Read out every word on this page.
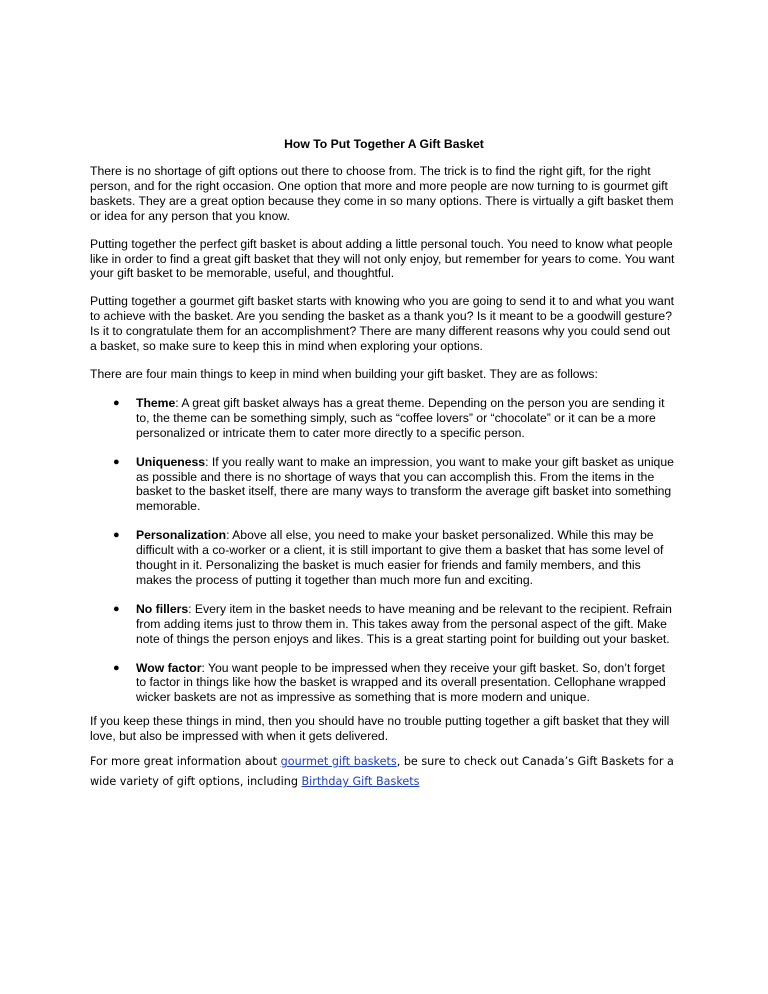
How To Put Together A Gift Basket

There is no shortage of gift options out there to choose from. The trick is to find the right gift, for the right person, and for the right occasion. One option that more and more people are now turning to is gourmet gift baskets. They are a great option because they come in so many options. There is virtually a gift basket them or idea for any person that you know.

Putting together the perfect gift basket is about adding a little personal touch. You need to know what people like in order to find a great gift basket that they will not only enjoy, but remember for years to come. You want your gift basket to be memorable, useful, and thoughtful.

Putting together a gourmet gift basket starts with knowing who you are going to send it to and what you want to achieve with the basket. Are you sending the basket as a thank you? Is it meant to be a goodwill gesture? Is it to congratulate them for an accomplishment? There are many different reasons why you could send out a basket, so make sure to keep this in mind when exploring your options.

There are four main things to keep in mind when building your gift basket. They are as follows:

● Theme: A great gift basket always has a great theme. Depending on the person you are sending it to, the theme can be something simply, such as “coffee lovers” or “chocolate” or it can be a more personalized or intricate them to cater more directly to a specific person.
● Uniqueness: If you really want to make an impression, you want to make your gift basket as unique as possible and there is no shortage of ways that you can accomplish this. From the items in the basket to the basket itself, there are many ways to transform the average gift basket into something memorable.
● Personalization: Above all else, you need to make your basket personalized. While this may be difficult with a co-worker or a client, it is still important to give them a basket that has some level of thought in it. Personalizing the basket is much easier for friends and family members, and this makes the process of putting it together than much more fun and exciting.
● No fillers: Every item in the basket needs to have meaning and be relevant to the recipient. Refrain from adding items just to throw them in. This takes away from the personal aspect of the gift. Make note of things the person enjoys and likes. This is a great starting point for building out your basket.
● Wow factor: You want people to be impressed when they receive your gift basket. So, don’t forget to factor in things like how the basket is wrapped and its overall presentation. Cellophane wrapped wicker baskets are not as impressive as something that is more modern and unique.

If you keep these things in mind, then you should have no trouble putting together a gift basket that they will love, but also be impressed with when it gets delivered.

For more great information about gourmet gift baskets, be sure to check out Canada’s Gift Baskets for a wide variety of gift options, including Birthday Gift Baskets
